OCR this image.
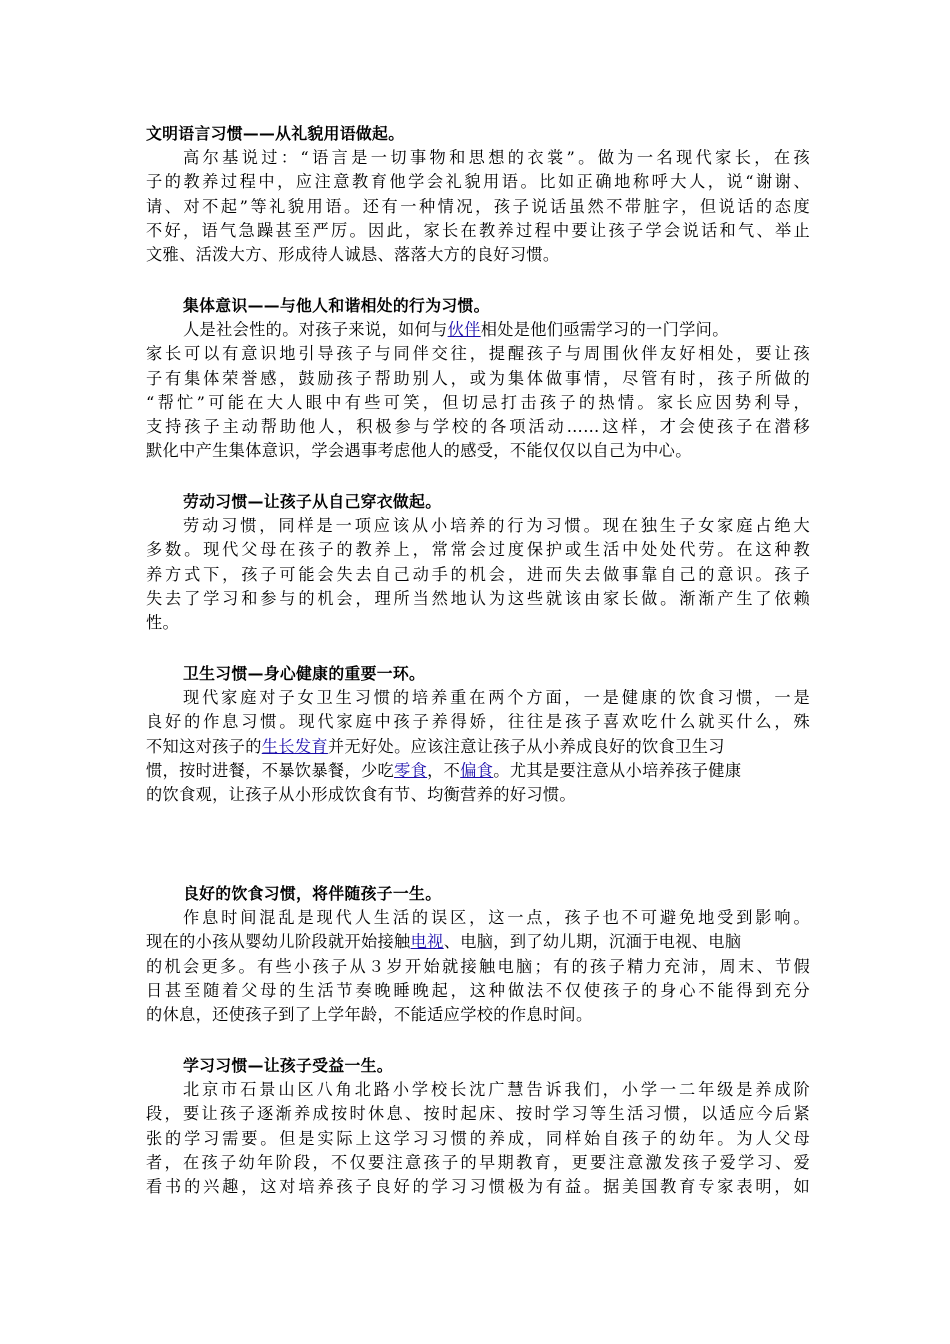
文明语言习惯——从礼貌用语做起。
高尔基说过：“语言是一切事物和思想的衣裳”。做为一名现代家长，在孩
子的教养过程中，应注意教育他学会礼貌用语。比如正确地称呼大人，说“谢谢、
请、对不起”等礼貌用语。还有一种情况，孩子说话虽然不带脏字，但说话的态度
不好，语气急躁甚至严厉。因此，家长在教养过程中要让孩子学会说话和气、举止
文雅、活泼大方、形成待人诚恳、落落大方的良好习惯。
集体意识——与他人和谐相处的行为习惯。
人是社会性的。对孩子来说，如何与伙伴相处是他们亟需学习的一门学问。
家长可以有意识地引导孩子与同伴交往，提醒孩子与周围伙伴友好相处，要让孩
子有集体荣誉感，鼓励孩子帮助别人，或为集体做事情，尽管有时，孩子所做的
“帮忙”可能在大人眼中有些可笑，但切忌打击孩子的热情。家长应因势利导，
支持孩子主动帮助他人，积极参与学校的各项活动……这样，才会使孩子在潜移
默化中产生集体意识，学会遇事考虑他人的感受，不能仅仅以自己为中心。
劳动习惯—让孩子从自己穿衣做起。
劳动习惯，同样是一项应该从小培养的行为习惯。现在独生子女家庭占绝大
多数。现代父母在孩子的教养上，常常会过度保护或生活中处处代劳。在这种教
养方式下，孩子可能会失去自己动手的机会，进而失去做事靠自己的意识。孩子
失去了学习和参与的机会，理所当然地认为这些就该由家长做。渐渐产生了依赖
性。
卫生习惯—身心健康的重要一环。
现代家庭对子女卫生习惯的培养重在两个方面，一是健康的饮食习惯，一是
良好的作息习惯。现代家庭中孩子养得娇，往往是孩子喜欢吃什么就买什么，殊
不知这对孩子的生长发育并无好处。应该注意让孩子从小养成良好的饮食卫生习
惯，按时进餐，不暴饮暴餐，少吃零食，不偏食。尤其是要注意从小培养孩子健康
的饮食观，让孩子从小形成饮食有节、均衡营养的好习惯。
良好的饮食习惯，将伴随孩子一生。
作息时间混乱是现代人生活的误区，这一点，孩子也不可避免地受到影响。
现在的小孩从婴幼儿阶段就开始接触电视、电脑，到了幼儿期，沉湎于电视、电脑
的机会更多。有些小孩子从３岁开始就接触电脑；有的孩子精力充沛，周末、节假
日甚至随着父母的生活节奏晚睡晚起，这种做法不仅使孩子的身心不能得到充分
的休息，还使孩子到了上学年龄，不能适应学校的作息时间。
学习习惯—让孩子受益一生。
北京市石景山区八角北路小学校长沈广慧告诉我们，小学一二年级是养成阶
段，要让孩子逐渐养成按时休息、按时起床、按时学习等生活习惯，以适应今后紧
张的学习需要。但是实际上这学习习惯的养成，同样始自孩子的幼年。为人父母
者，在孩子幼年阶段，不仅要注意孩子的早期教育，更要注意激发孩子爱学习、爱
看书的兴趣，这对培养孩子良好的学习习惯极为有益。据美国教育专家表明，如
